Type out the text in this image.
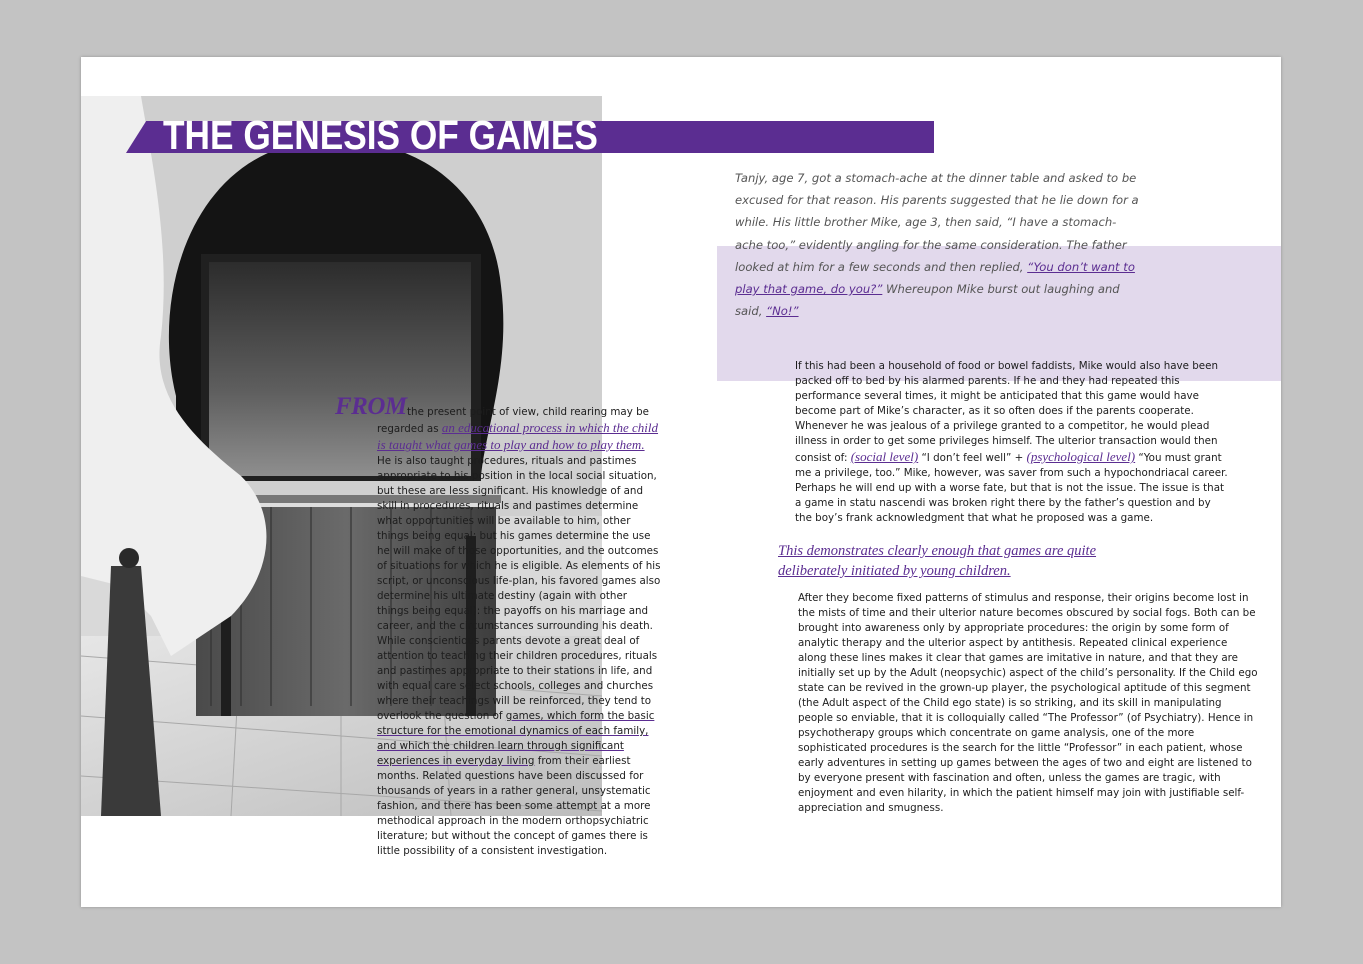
THE GENESIS OF GAMES
FROM the present point of view, child rearing may be regarded as an educational process in which the child is taught what games to play and how to play them. He is also taught procedures, rituals and pastimes appropriate to his position in the local social situation, but these are less significant. His knowledge of and skill in procedures, rituals and pastimes determine what opportunities will be available to him, other things being equal; but his games determine the use he will make of those opportunities, and the outcomes of situations for which he is eligible. As elements of his script, or unconscious life-plan, his favored games also determine his ultimate destiny (again with other things being equal): the payoffs on his marriage and career, and the circumstances surrounding his death. While conscientious parents devote a great deal of attention to teaching their children procedures, rituals and pastimes appropriate to their stations in life, and with equal care select schools, colleges and churches where their teachings will be reinforced, they tend to overlook the question of games, which form the basic structure for the emotional dynamics of each family, and which the children learn through significant experiences in everyday living from their earliest months. Related questions have been discussed for thousands of years in a rather general, unsystematic fashion, and there has been some attempt at a more methodical approach in the modern orthopsychiatric literature; but without the concept of games there is little possibility of a consistent investigation.
Tanjy, age 7, got a stomach-ache at the dinner table and asked to be excused for that reason. His parents suggested that he lie down for a while. His little brother Mike, age 3, then said, “I have a stomach-ache too,” evidently angling for the same consideration. The father looked at him for a few seconds and then replied, “You don’t want to play that game, do you?” Whereupon Mike burst out laughing and said, “No!”
If this had been a household of food or bowel faddists, Mike would also have been packed off to bed by his alarmed parents. If he and they had repeated this performance several times, it might be anticipated that this game would have become part of Mike’s character, as it so often does if the parents cooperate. Whenever he was jealous of a privilege granted to a competitor, he would plead illness in order to get some privileges himself. The ulterior transaction would then consist of: (social level) “I don’t feel well” + (psychological level) “You must grant me a privilege, too.” Mike, however, was saver from such a hypochondriacal career. Perhaps he will end up with a worse fate, but that is not the issue. The issue is that a game in statu nascendi was broken right there by the father’s question and by the boy’s frank acknowledgment that what he proposed was a game.
This demonstrates clearly enough that games are quite deliberately initiated by young children.
After they become fixed patterns of stimulus and response, their origins become lost in the mists of time and their ulterior nature becomes obscured by social fogs. Both can be brought into awareness only by appropriate procedures: the origin by some form of analytic therapy and the ulterior aspect by antithesis. Repeated clinical experience along these lines makes it clear that games are imitative in nature, and that they are initially set up by the Adult (neopsychic) aspect of the child’s personality. If the Child ego state can be revived in the grown-up player, the psychological aptitude of this segment (the Adult aspect of the Child ego state) is so striking, and its skill in manipulating people so enviable, that it is colloquially called “The Professor” (of Psychiatry). Hence in psychotherapy groups which concentrate on game analysis, one of the more sophisticated procedures is the search for the little “Professor” in each patient, whose early adventures in setting up games between the ages of two and eight are listened to by everyone present with fascination and often, unless the games are tragic, with enjoyment and even hilarity, in which the patient himself may join with justifiable self-appreciation and smugness.
